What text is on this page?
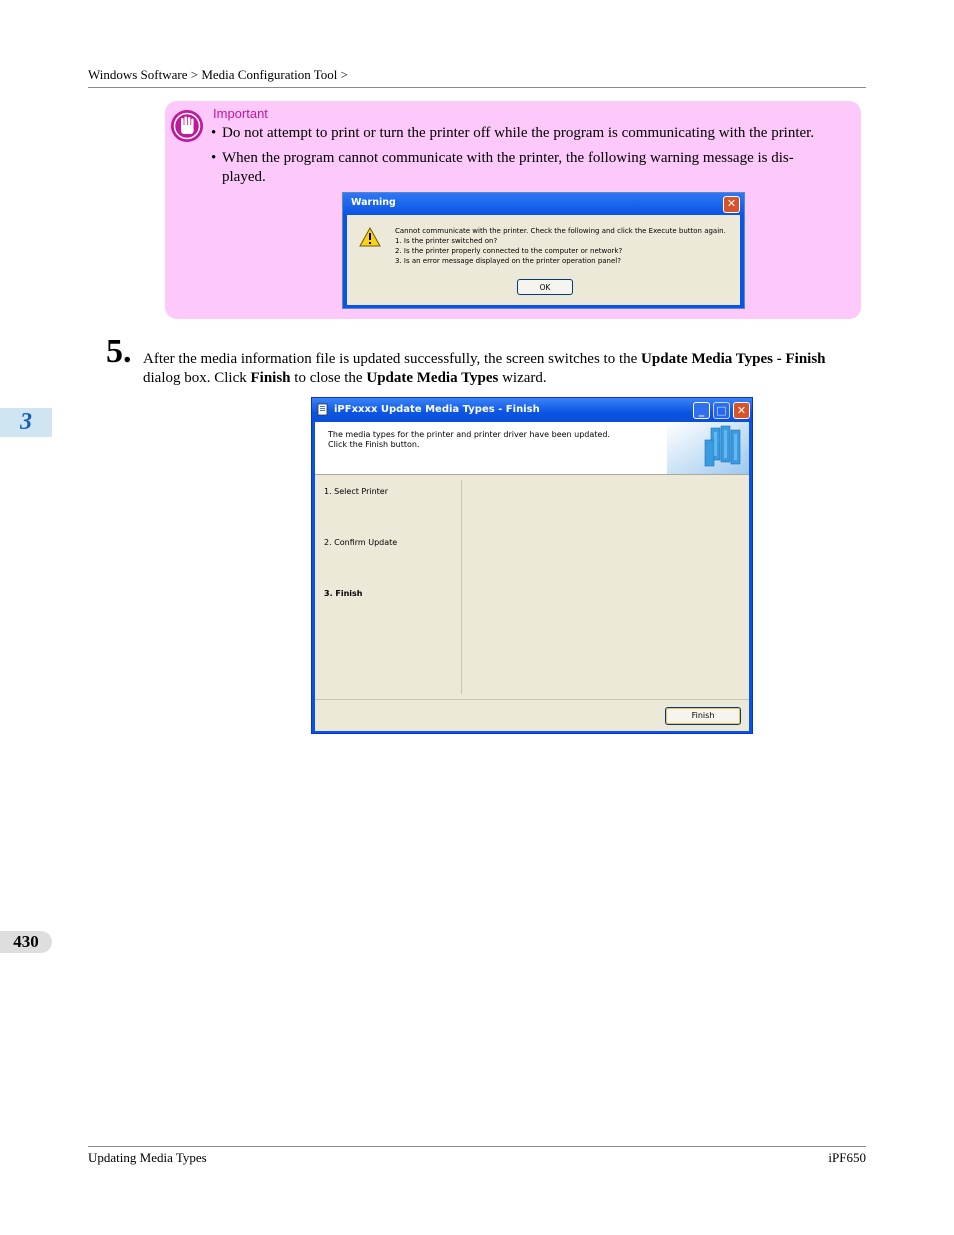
Windows Software > Media Configuration Tool >
3
Important
• Do not attempt to print or turn the printer off while the program is communicating with the printer.
• When the program cannot communicate with the printer, the following warning message is dis-played.
Warning	✕
Cannot communicate with the printer. Check the following and click the Execute button again.
1. Is the printer switched on?
2. Is the printer properly connected to the computer or network?
3. Is an error message displayed on the printer operation panel?
OK
5. After the media information file is updated successfully, the screen switches to the Update Media Types - Finish dialog box. Click Finish to close the Update Media Types wizard.
iPFxxxx Update Media Types - Finish	_	□ ✕
The media types for the printer and printer driver have been updated.
Click the Finish button.
1. Select Printer
2. Confirm Update
3. Finish
Finish
430
Updating Media Types	iPF650
